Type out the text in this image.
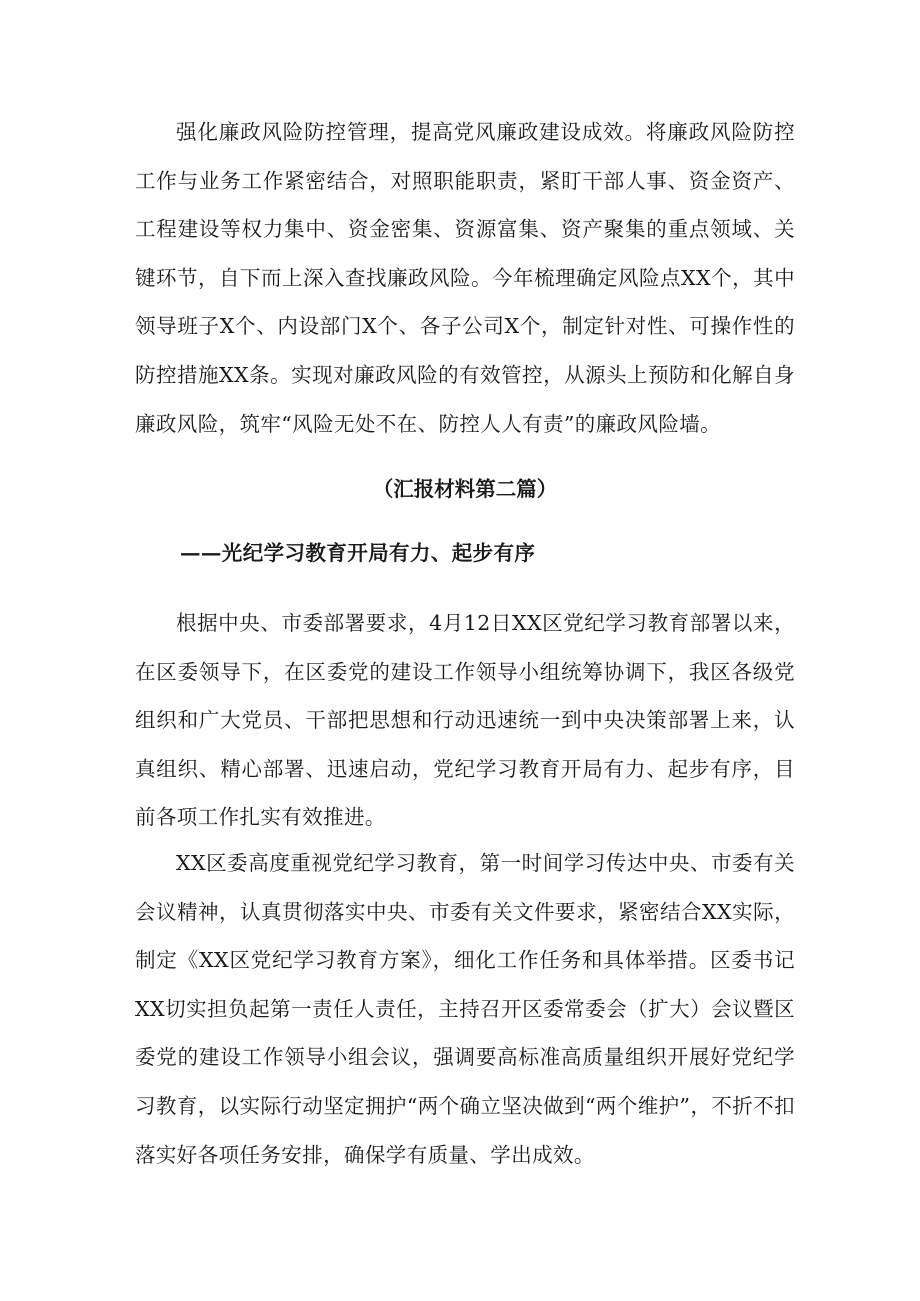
强化廉政风险防控管理，提高党风廉政建设成效。将廉政风险防控工作与业务工作紧密结合，对照职能职责，紧盯干部人事、资金资产、工程建设等权力集中、资金密集、资源富集、资产聚集的重点领域、关键环节，自下而上深入查找廉政风险。今年梳理确定风险点XX个，其中领导班子X个、内设部门X个、各子公司X个，制定针对性、可操作性的防控措施XX条。实现对廉政风险的有效管控，从源头上预防和化解自身廉政风险，筑牢“风险无处不在、防控人人有责”的廉政风险墙。

（汇报材料第二篇）

——光纪学习教育开局有力、起步有序

根据中央、市委部署要求，4月12日XX区党纪学习教育部署以来，在区委领导下，在区委党的建设工作领导小组统筹协调下，我区各级党组织和广大党员、干部把思想和行动迅速统一到中央决策部署上来，认真组织、精心部署、迅速启动，党纪学习教育开局有力、起步有序，目前各项工作扎实有效推进。

XX区委高度重视党纪学习教育，第一时间学习传达中央、市委有关会议精神，认真贯彻落实中央、市委有关文件要求，紧密结合XX实际，制定《XX区党纪学习教育方案》，细化工作任务和具体举措。区委书记XX切实担负起第一责任人责任，主持召开区委常委会（扩大）会议暨区委党的建设工作领导小组会议，强调要高标准高质量组织开展好党纪学习教育，以实际行动坚定拥护“两个确立坚决做到“两个维护”，不折不扣落实好各项任务安排，确保学有质量、学出成效。
